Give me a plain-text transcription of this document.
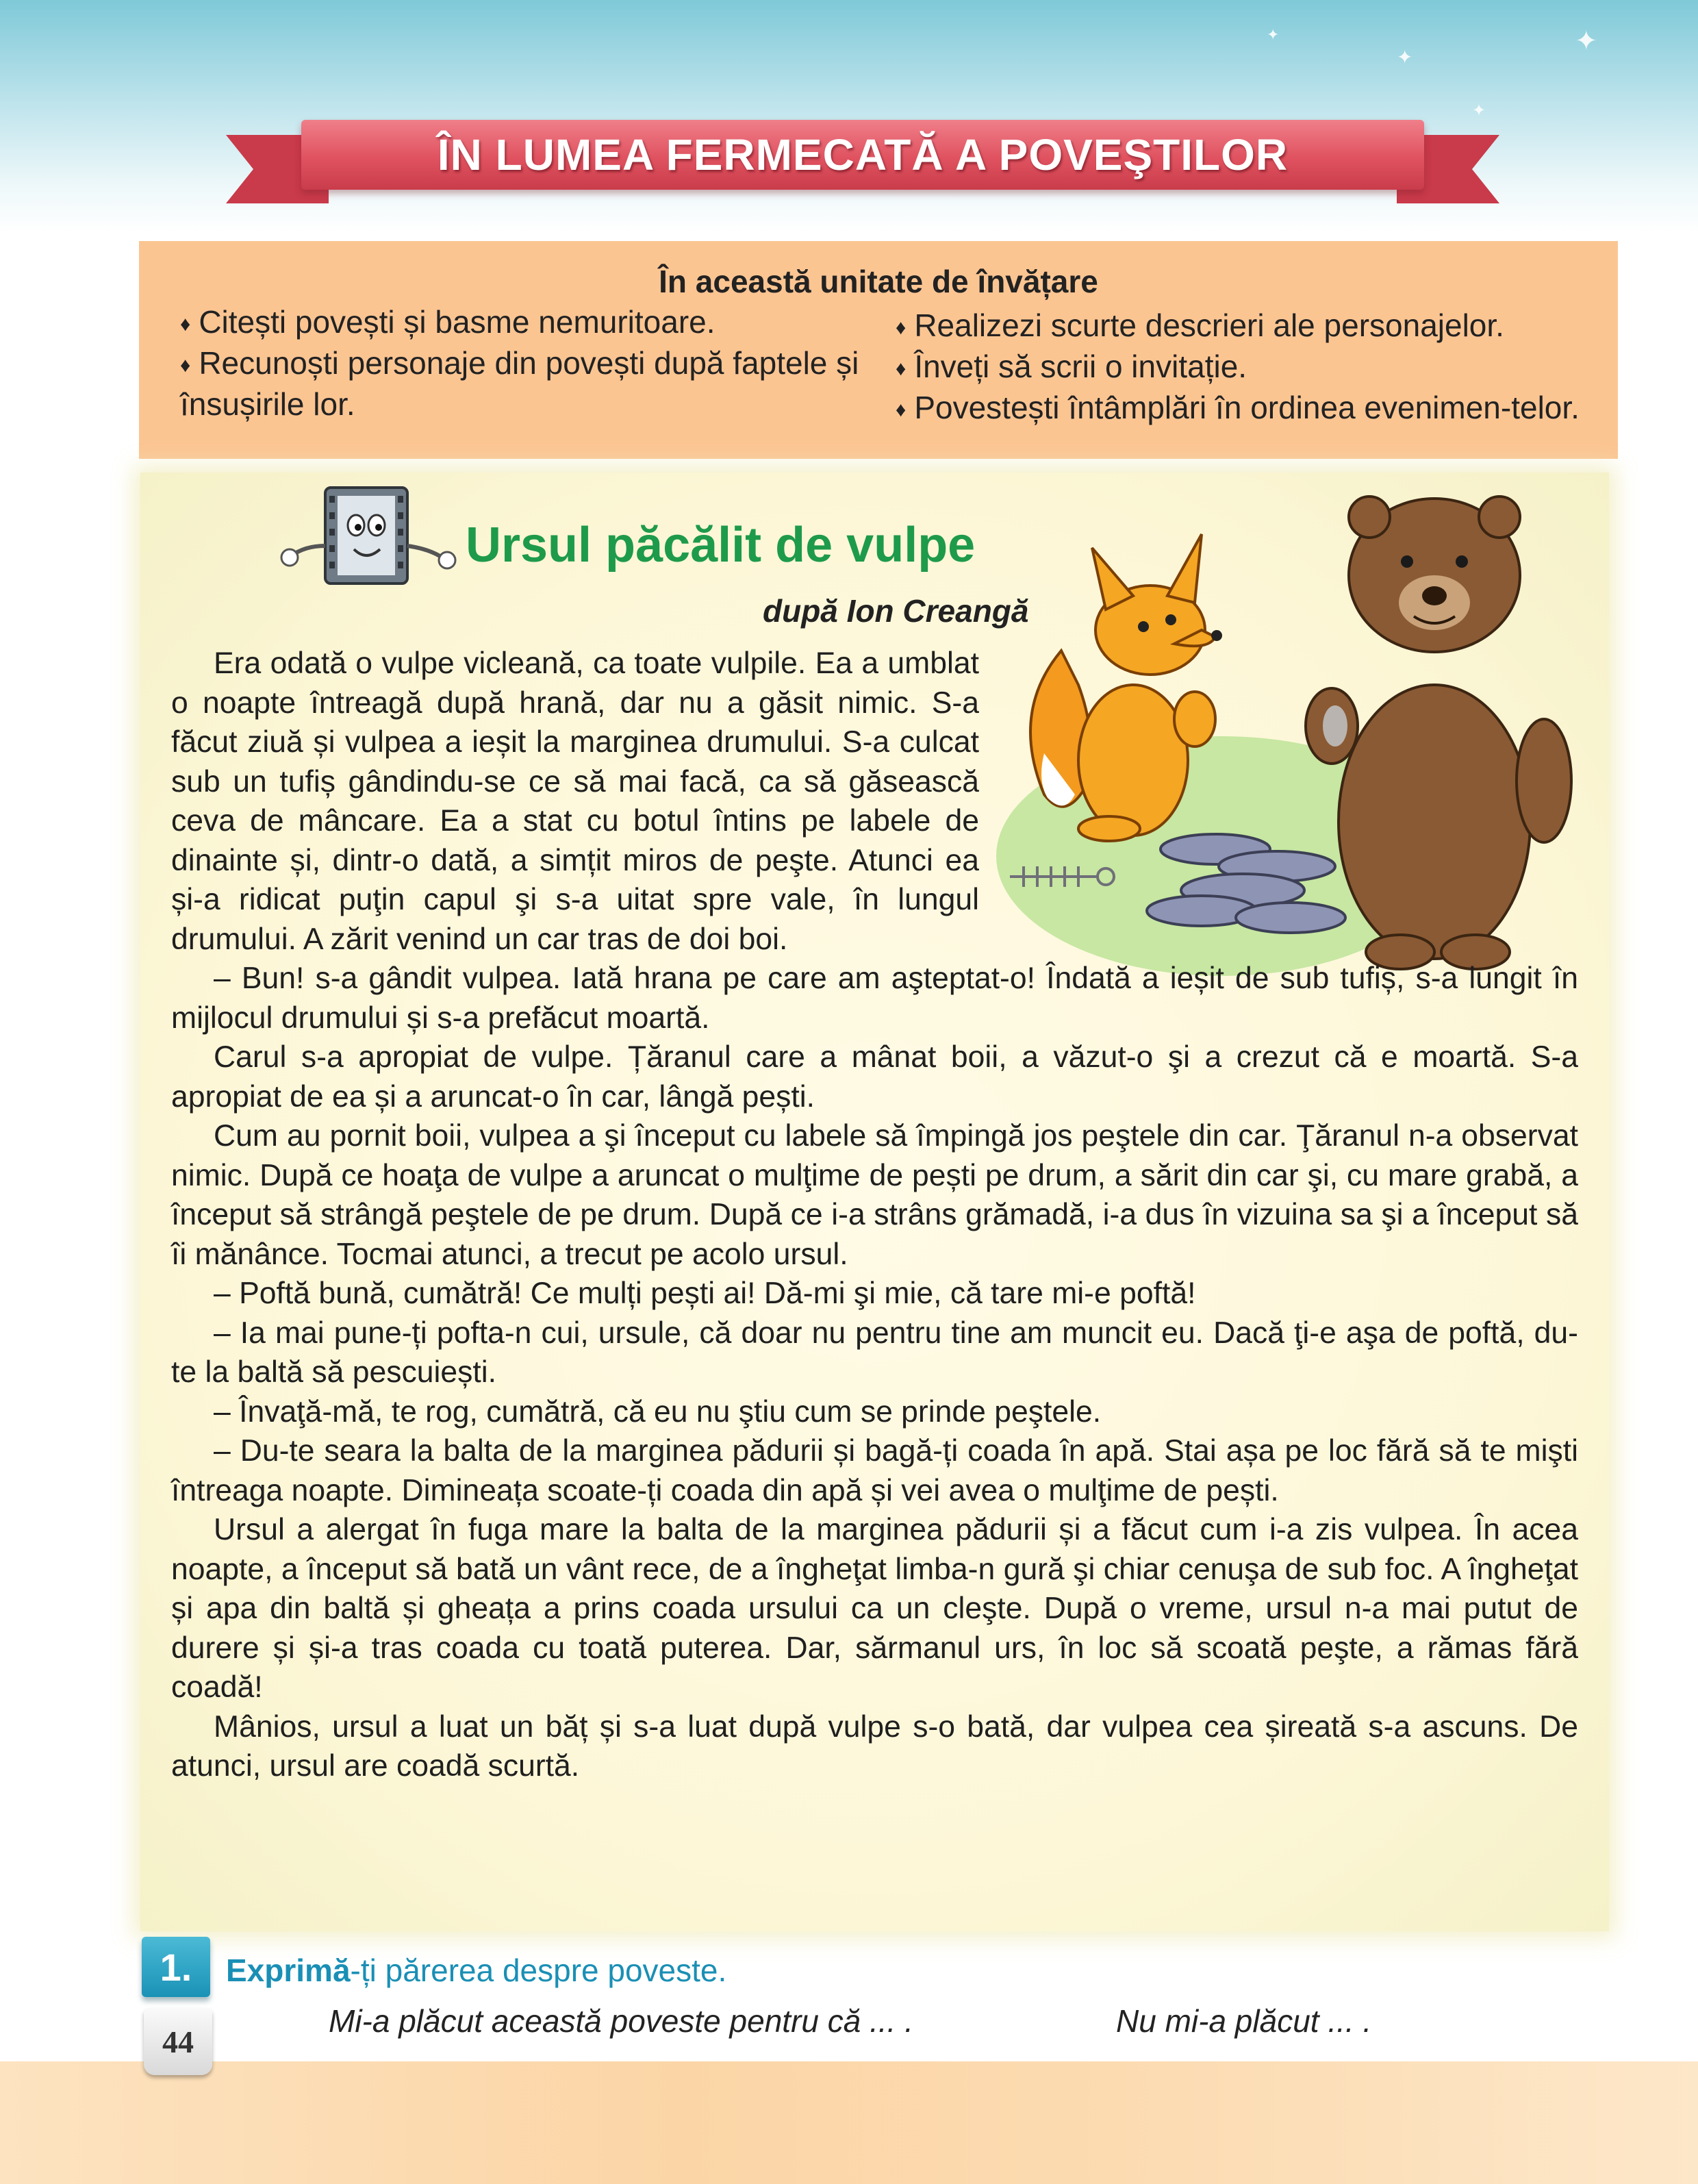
✦
✦
✦
✦
ÎN LUMEA FERMECATĂ A POVEŞTILOR
În această unitate de învățare
♦ Citești povești și basme nemuritoare.
♦ Recunoști personaje din povești după faptele și însușirile lor.
♦ Realizezi scurte descrieri ale personajelor.
♦ Înveți să scrii o invitație.
♦ Povestești întâmplări în ordinea evenimen-telor.
Ursul păcălit de vulpe
după Ion Creangă

Era odată o vulpe vicleană, ca toate vulpile. Ea a umblat o noapte întreagă după hrană, dar nu a găsit nimic. S-a făcut ziuă și vulpea a ieșit la marginea drumului. S-a culcat sub un tufiș gândindu-se ce să mai facă, ca să găsească ceva de mâncare. Ea a stat cu botul întins pe labele de dinainte și, dintr-o dată, a simțit miros de peşte. Atunci ea și-a ridicat puţin capul şi s-a uitat spre vale, în lungul drumului. A zărit venind un car tras de doi boi.

– Bun! s-a gândit vulpea. Iată hrana pe care am aşteptat-o! Îndată a ieșit de sub tufiș, s-a lungit în mijlocul drumului și s-a prefăcut moartă.

Carul s-a apropiat de vulpe. Țăranul care a mânat boii, a văzut-o şi a crezut că e moartă. S-a apropiat de ea și a aruncat-o în car, lângă pești.

Cum au pornit boii, vulpea a şi început cu labele să împingă jos peştele din car. Ţăranul n-a observat nimic. După ce hoaţa de vulpe a aruncat o mulţime de pești pe drum, a sărit din car şi, cu mare grabă, a început să strângă peştele de pe drum. După ce i-a strâns grămadă, i-a dus în vizuina sa şi a început să îi mănânce. Tocmai atunci, a trecut pe acolo ursul.

– Poftă bună, cumătră! Ce mulți pești ai! Dă-mi şi mie, că tare mi-e poftă!

– Ia mai pune-ți pofta-n cui, ursule, că doar nu pentru tine am muncit eu. Dacă ţi-e aşa de poftă, du-te la baltă să pescuiești.

– Învaţă-mă, te rog, cumătră, că eu nu ştiu cum se prinde peştele.

– Du-te seara la balta de la marginea pădurii și bagă-ți coada în apă. Stai așa pe loc fără să te mişti întreaga noapte. Dimineața scoate-ți coada din apă și vei avea o mulţime de pești.

Ursul a alergat în fuga mare la balta de la marginea pădurii și a făcut cum i-a zis vulpea. În acea noapte, a început să bată un vânt rece, de a îngheţat limba-n gură şi chiar cenuşa de sub foc. A îngheţat și apa din baltă și gheața a prins coada ursului ca un cleşte. După o vreme, ursul n-a mai putut de durere și și-a tras coada cu toată puterea. Dar, sărmanul urs, în loc să scoată peşte, a rămas fără coadă!

Mânios, ursul a luat un băț și s-a luat după vulpe s-o bată, dar vulpea cea șireată s-a ascuns. De atunci, ursul are coadă scurtă.

1.	Exprimă-ți părerea despre poveste.
Mi-a plăcut această poveste pentru că ... .	Nu mi-a plăcut ... .
44
